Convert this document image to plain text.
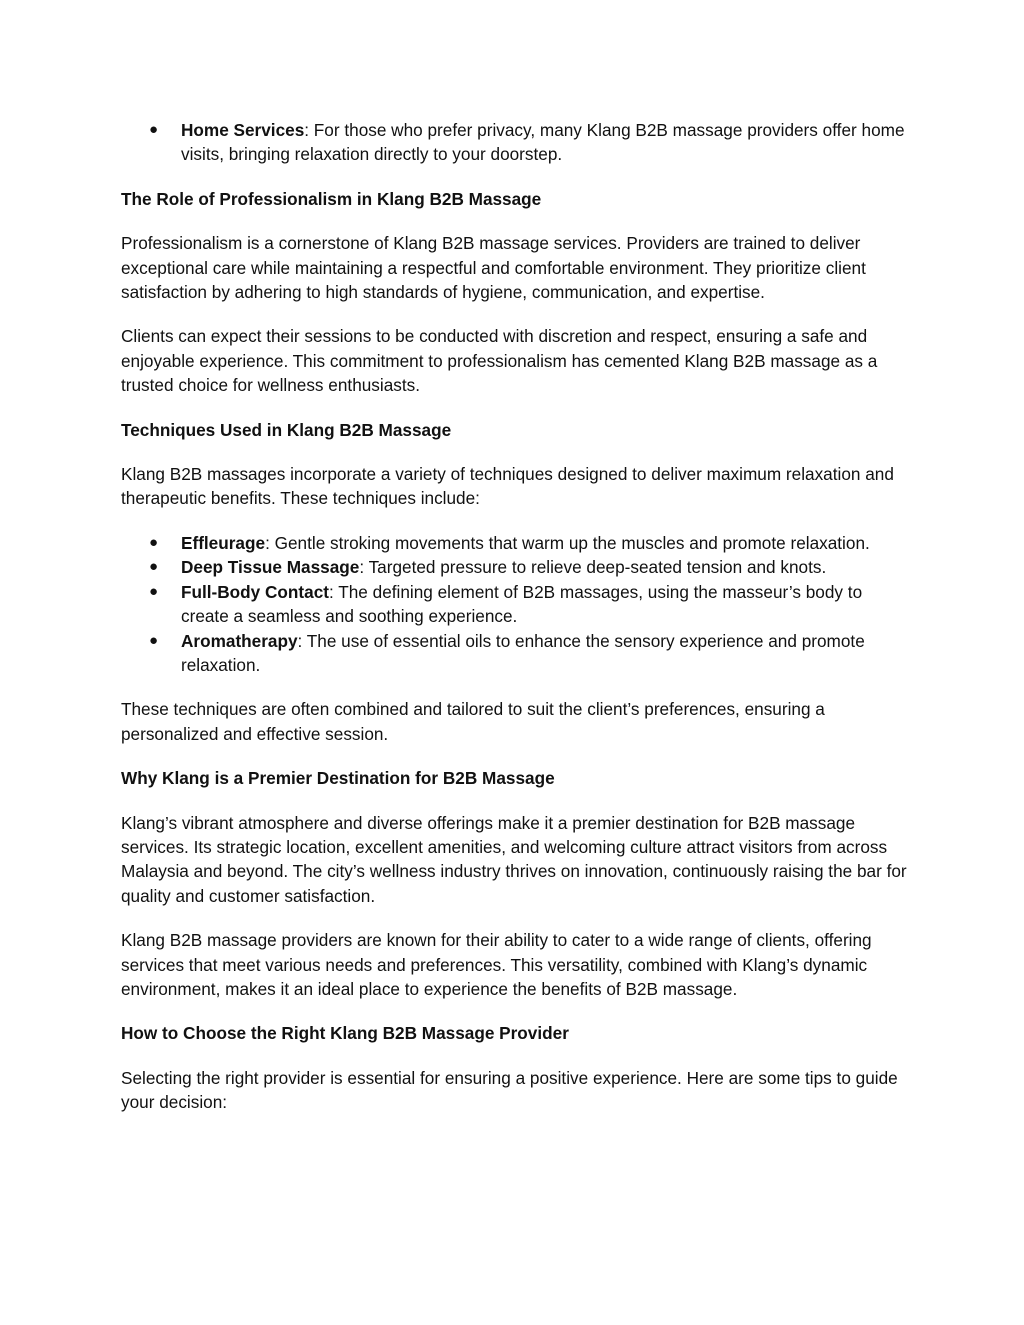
● Home Services: For those who prefer privacy, many Klang B2B massage providers offer home visits, bringing relaxation directly to your doorstep.
The Role of Professionalism in Klang B2B Massage

Professionalism is a cornerstone of Klang B2B massage services. Providers are trained to deliver exceptional care while maintaining a respectful and comfortable environment. They prioritize client satisfaction by adhering to high standards of hygiene, communication, and expertise.

Clients can expect their sessions to be conducted with discretion and respect, ensuring a safe and enjoyable experience. This commitment to professionalism has cemented Klang B2B massage as a trusted choice for wellness enthusiasts.

Techniques Used in Klang B2B Massage

Klang B2B massages incorporate a variety of techniques designed to deliver maximum relaxation and therapeutic benefits. These techniques include:

● Effleurage: Gentle stroking movements that warm up the muscles and promote relaxation.
● Deep Tissue Massage: Targeted pressure to relieve deep-seated tension and knots.
● Full-Body Contact: The defining element of B2B massages, using the masseur’s body to create a seamless and soothing experience.
● Aromatherapy: The use of essential oils to enhance the sensory experience and promote relaxation.

These techniques are often combined and tailored to suit the client’s preferences, ensuring a personalized and effective session.

Why Klang is a Premier Destination for B2B Massage

Klang’s vibrant atmosphere and diverse offerings make it a premier destination for B2B massage services. Its strategic location, excellent amenities, and welcoming culture attract visitors from across Malaysia and beyond. The city’s wellness industry thrives on innovation, continuously raising the bar for quality and customer satisfaction.

Klang B2B massage providers are known for their ability to cater to a wide range of clients, offering services that meet various needs and preferences. This versatility, combined with Klang’s dynamic environment, makes it an ideal place to experience the benefits of B2B massage.

How to Choose the Right Klang B2B Massage Provider

Selecting the right provider is essential for ensuring a positive experience. Here are some tips to guide your decision:
